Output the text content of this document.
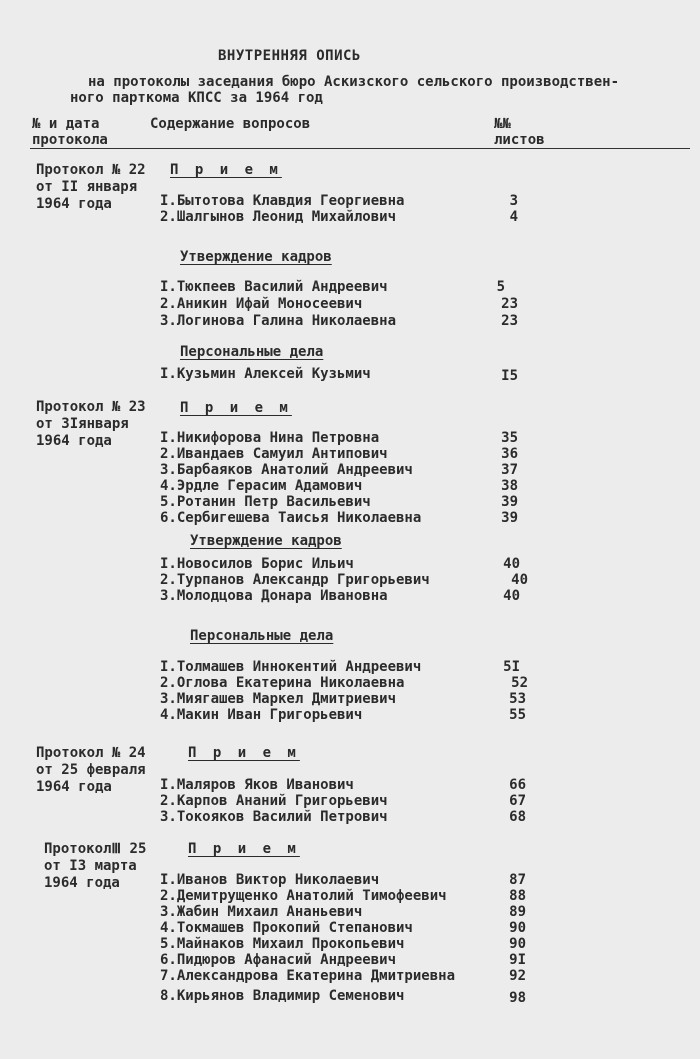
ВНУТРЕННЯЯ ОПИСЬ
на протоколы заседания бюро Аскизского сельского производствен-
ного парткома КПСС за 1964 год
№ и дата
протокола
Содержание вопросов	№№
листов
Протокол № 22
от II января
1964 года
П р и е м
I.Бытотова Клавдия Георгиевна	3
2.Шалгынов Леонид Михайлович	4
Утверждение кадров
I.Тюкпеев Василий Андреевич	5
2.Аникин Ифай Моносеевич	23
3.Логинова Галина Николаевна	23
Персональные дела
I.Кузьмин Алексей Кузьмич	I5
Протокол № 23
от 3Iянваря
1964 года
П р и е м
I.Никифорова Нина Петровна	35
2.Ивандаев Самуил Антипович	36
3.Барбаяков Анатолий Андреевич	37
4.Эрдле Герасим Адамович	38
5.Ротанин Петр Васильевич	39
6.Сербигешева Таисья Николаевна	39
Утверждение кадров
I.Новосилов Борис Ильич	40
2.Турпанов Александр Григорьевич	40
3.Молодцова Донара Ивановна	40
Персональные дела
I.Толмашев Иннокентий Андреевич	5I
2.Оглова Екатерина Николаевна	52
3.Миягашев Маркел Дмитриевич	53
4.Макин Иван Григорьевич	55
Протокол № 24
от 25 февраля
1964 года
П р и е м
I.Маляров Яков Иванович	66
2.Карпов Ананий Григорьевич	67
3.Токояков Василий Петрович	68
ПротоколⅢ 25
от I3 марта
1964 года
П р и е м
I.Иванов Виктор Николаевич	87
2.Демитрущенко Анатолий Тимофеевич	88
3.Жабин Михаил Ананьевич	89
4.Токмашев Прокопий Степанович	90
5.Майнаков Михаил Прокопьевич	90
6.Пидюров Афанасий Андреевич	9I
7.Александрова Екатерина Дмитриевна	92
8.Кирьянов Владимир Семенович	98
